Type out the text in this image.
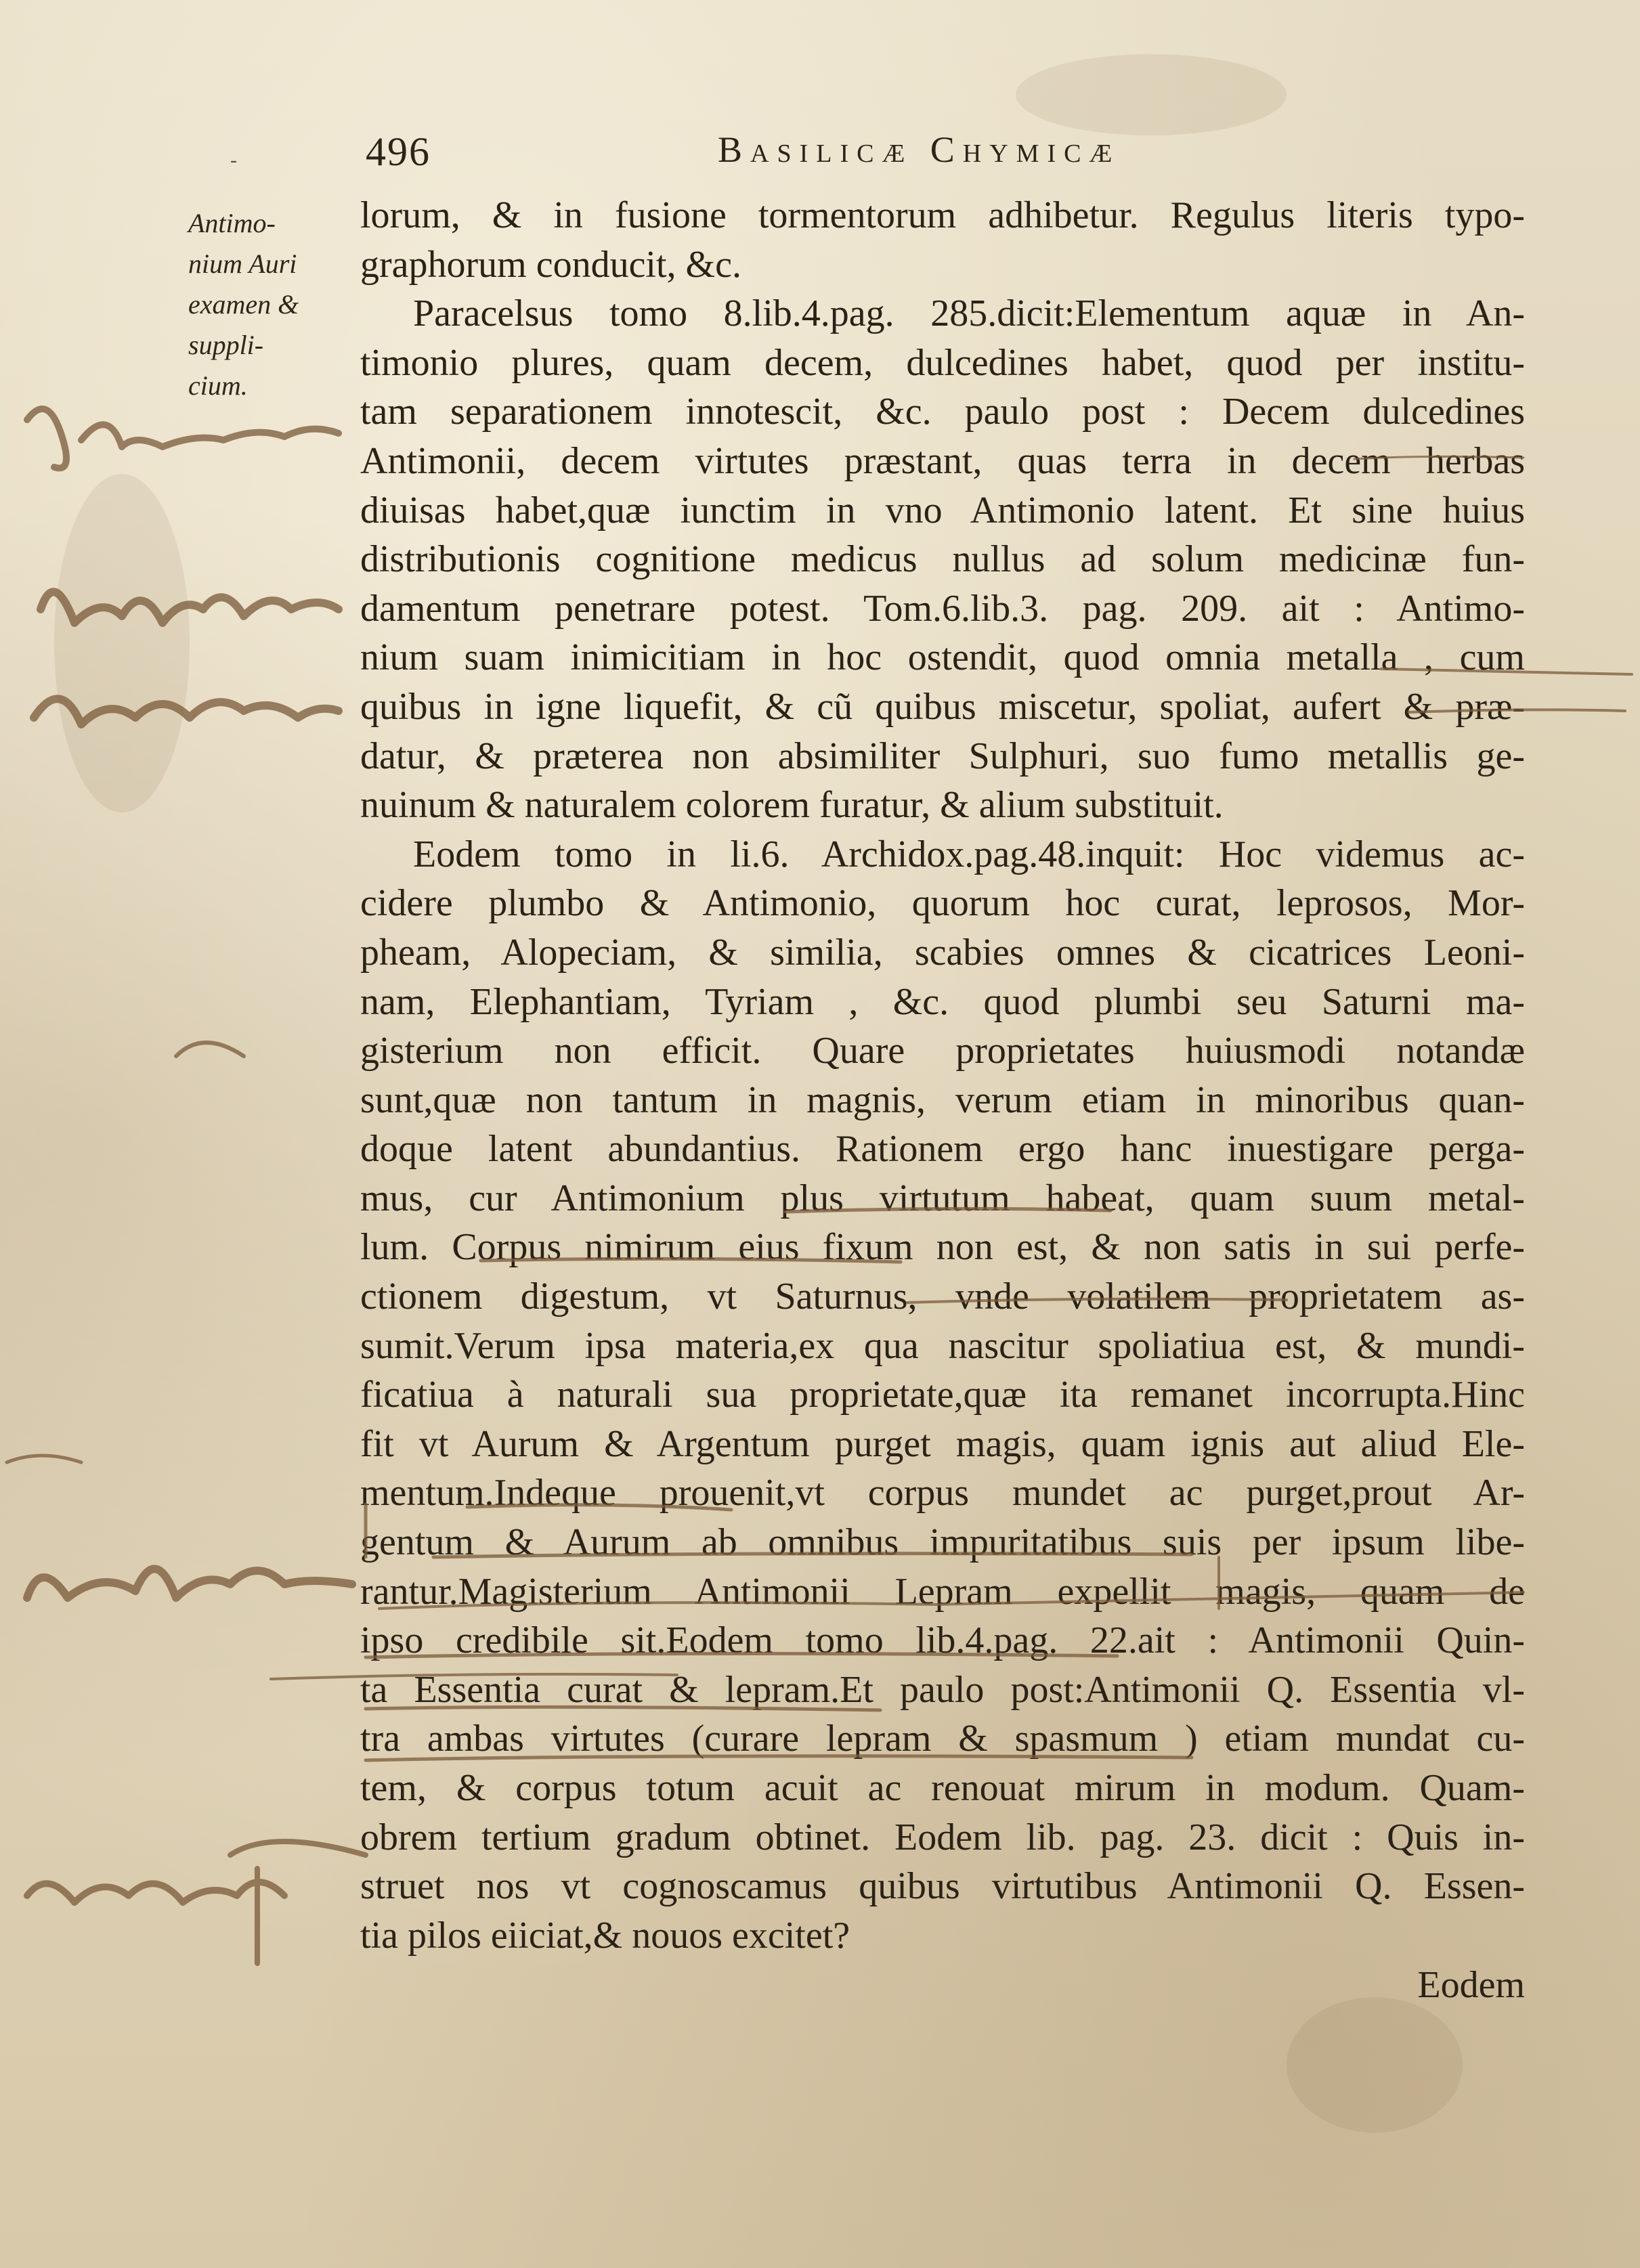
-	496	Basilicæ Chymicæ
Antimo-
nium Auri
examen &
suppli-
cium.
lorum, & in fusione tormentorum adhibetur. Regulus literis typo-
graphorum conducit, &c.
Paracelsus tomo 8.lib.4.pag. 285.dicit:Elementum aquæ in An-
timonio plures, quam decem, dulcedines habet, quod per institu-
tam separationem innotescit, &c. paulo post : Decem dulcedines
Antimonii, decem virtutes præstant, quas terra in decem herbas
diuisas habet,quæ iunctim in vno Antimonio latent. Et sine huius
distributionis cognitione medicus nullus ad solum medicinæ fun-
damentum penetrare potest. Tom.6.lib.3. pag. 209. ait : Antimo-
nium suam inimicitiam in hoc ostendit, quod omnia metalla , cum
quibus in igne liquefit, & cũ quibus miscetur, spoliat, aufert & præ-
datur, & præterea non absimiliter Sulphuri, suo fumo metallis ge-
nuinum & naturalem colorem furatur, & alium substituit.
Eodem tomo in li.6. Archidox.pag.48.inquit: Hoc videmus ac-
cidere plumbo & Antimonio, quorum hoc curat, leprosos, Mor-
pheam, Alopeciam, & similia, scabies omnes & cicatrices Leoni-
nam, Elephantiam, Tyriam , &c. quod plumbi seu Saturni ma-
gisterium non efficit. Quare proprietates huiusmodi notandæ
sunt,quæ non tantum in magnis, verum etiam in minoribus quan-
doque latent abundantius. Rationem ergo hanc inuestigare perga-
mus, cur Antimonium plus virtutum habeat, quam suum metal-
lum. Corpus nimirum eius fixum non est, & non satis in sui perfe-
ctionem digestum, vt Saturnus, vnde volatilem proprietatem as-
sumit.Verum ipsa materia,ex qua nascitur spoliatiua est, & mundi-
ficatiua à naturali sua proprietate,quæ ita remanet incorrupta.Hinc
fit vt Aurum & Argentum purget magis, quam ignis aut aliud Ele-
mentum.Indeque prouenit,vt corpus mundet ac purget,prout Ar-
gentum & Aurum ab omnibus impuritatibus suis per ipsum libe-
rantur.Magisterium Antimonii Lepram expellit magis, quam de
ipso credibile sit.Eodem tomo lib.4.pag. 22.ait : Antimonii Quin-
ta Essentia curat & lepram.Et paulo post:Antimonii Q. Essentia vl-
tra ambas virtutes (curare lepram & spasmum ) etiam mundat cu-
tem, & corpus totum acuit ac renouat mirum in modum. Quam-
obrem tertium gradum obtinet. Eodem lib. pag. 23. dicit : Quis in-
struet nos vt cognoscamus quibus virtutibus Antimonii Q. Essen-
tia pilos eiiciat,& nouos excitet?
Eodem
